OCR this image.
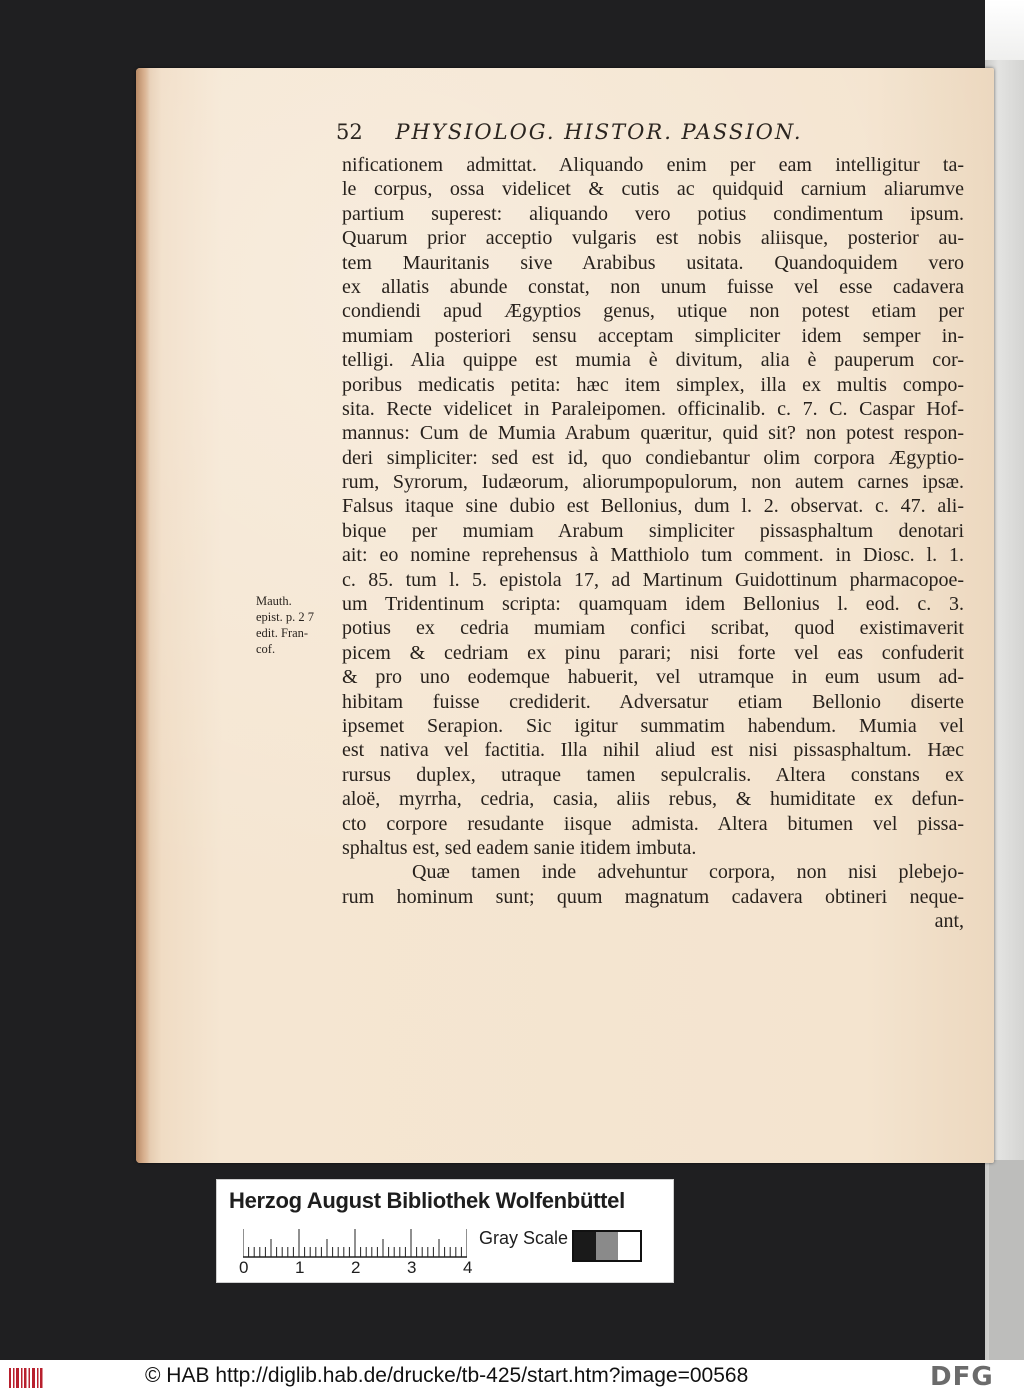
52 PHYSIOLOG. HISTOR. PASSION.
Mauth.
epist. p. 2 7
edit. Fran-
cof.
nificationem admittat. Aliquando enim per eam intelligitur ta-
le corpus, ossa videlicet & cutis ac quidquid carnium aliarumve
partium superest: aliquando vero potius condimentum ipsum.
Quarum prior acceptio vulgaris est nobis aliisque, posterior au-
tem Mauritanis sive Arabibus usitata. Quandoquidem vero
ex allatis abunde constat, non unum fuisse vel esse cadavera
condiendi apud Ægyptios genus, utique non potest etiam per
mumiam posteriori sensu acceptam simpliciter idem semper in-
telligi. Alia quippe est mumia è divitum, alia è pauperum cor-
poribus medicatis petita: hæc item simplex, illa ex multis compo-
sita. Recte videlicet in Paraleipomen. officinalib. c. 7. C. Caspar Hof-
mannus: Cum de Mumia Arabum quæritur, quid sit? non potest respon-
deri simpliciter: sed est id, quo condiebantur olim corpora Ægyptio-
rum, Syrorum, Iudæorum, aliorumpopulorum, non autem carnes ipsæ.
Falsus itaque sine dubio est Bellonius, dum l. 2. observat. c. 47. ali-
bique per mumiam Arabum simpliciter pissasphaltum denotari
ait: eo nomine reprehensus à Matthiolo tum comment. in Diosc. l. 1.
c. 85. tum l. 5. epistola 17, ad Martinum Guidottinum pharmacopoe-
um Tridentinum scripta: quamquam idem Bellonius l. eod. c. 3.
potius ex cedria mumiam confici scribat, quod existimaverit
picem & cedriam ex pinu parari; nisi forte vel eas confuderit
& pro uno eodemque habuerit, vel utramque in eum usum ad-
hibitam fuisse crediderit. Adversatur etiam Bellonio diserte
ipsemet Serapion. Sic igitur summatim habendum. Mumia vel
est nativa vel factitia. Illa nihil aliud est nisi pissasphaltum. Hæc
rursus duplex, utraque tamen sepulcralis. Altera constans ex
aloë, myrrha, cedria, casia, aliis rebus, & humiditate ex defun-
cto corpore resudante iisque admista. Altera bitumen vel pissa-
sphaltus est, sed eadem sanie itidem imbuta.
Quæ tamen inde advehuntur corpora, non nisi plebejo-
rum hominum sunt; quum magnatum cadavera obtineri neque-
ant,
Herzog August Bibliothek Wolfenbüttel
0	1	2	3	4
Gray Scale
© HAB http://diglib.hab.de/drucke/tb-425/start.htm?image=00568	DFG
